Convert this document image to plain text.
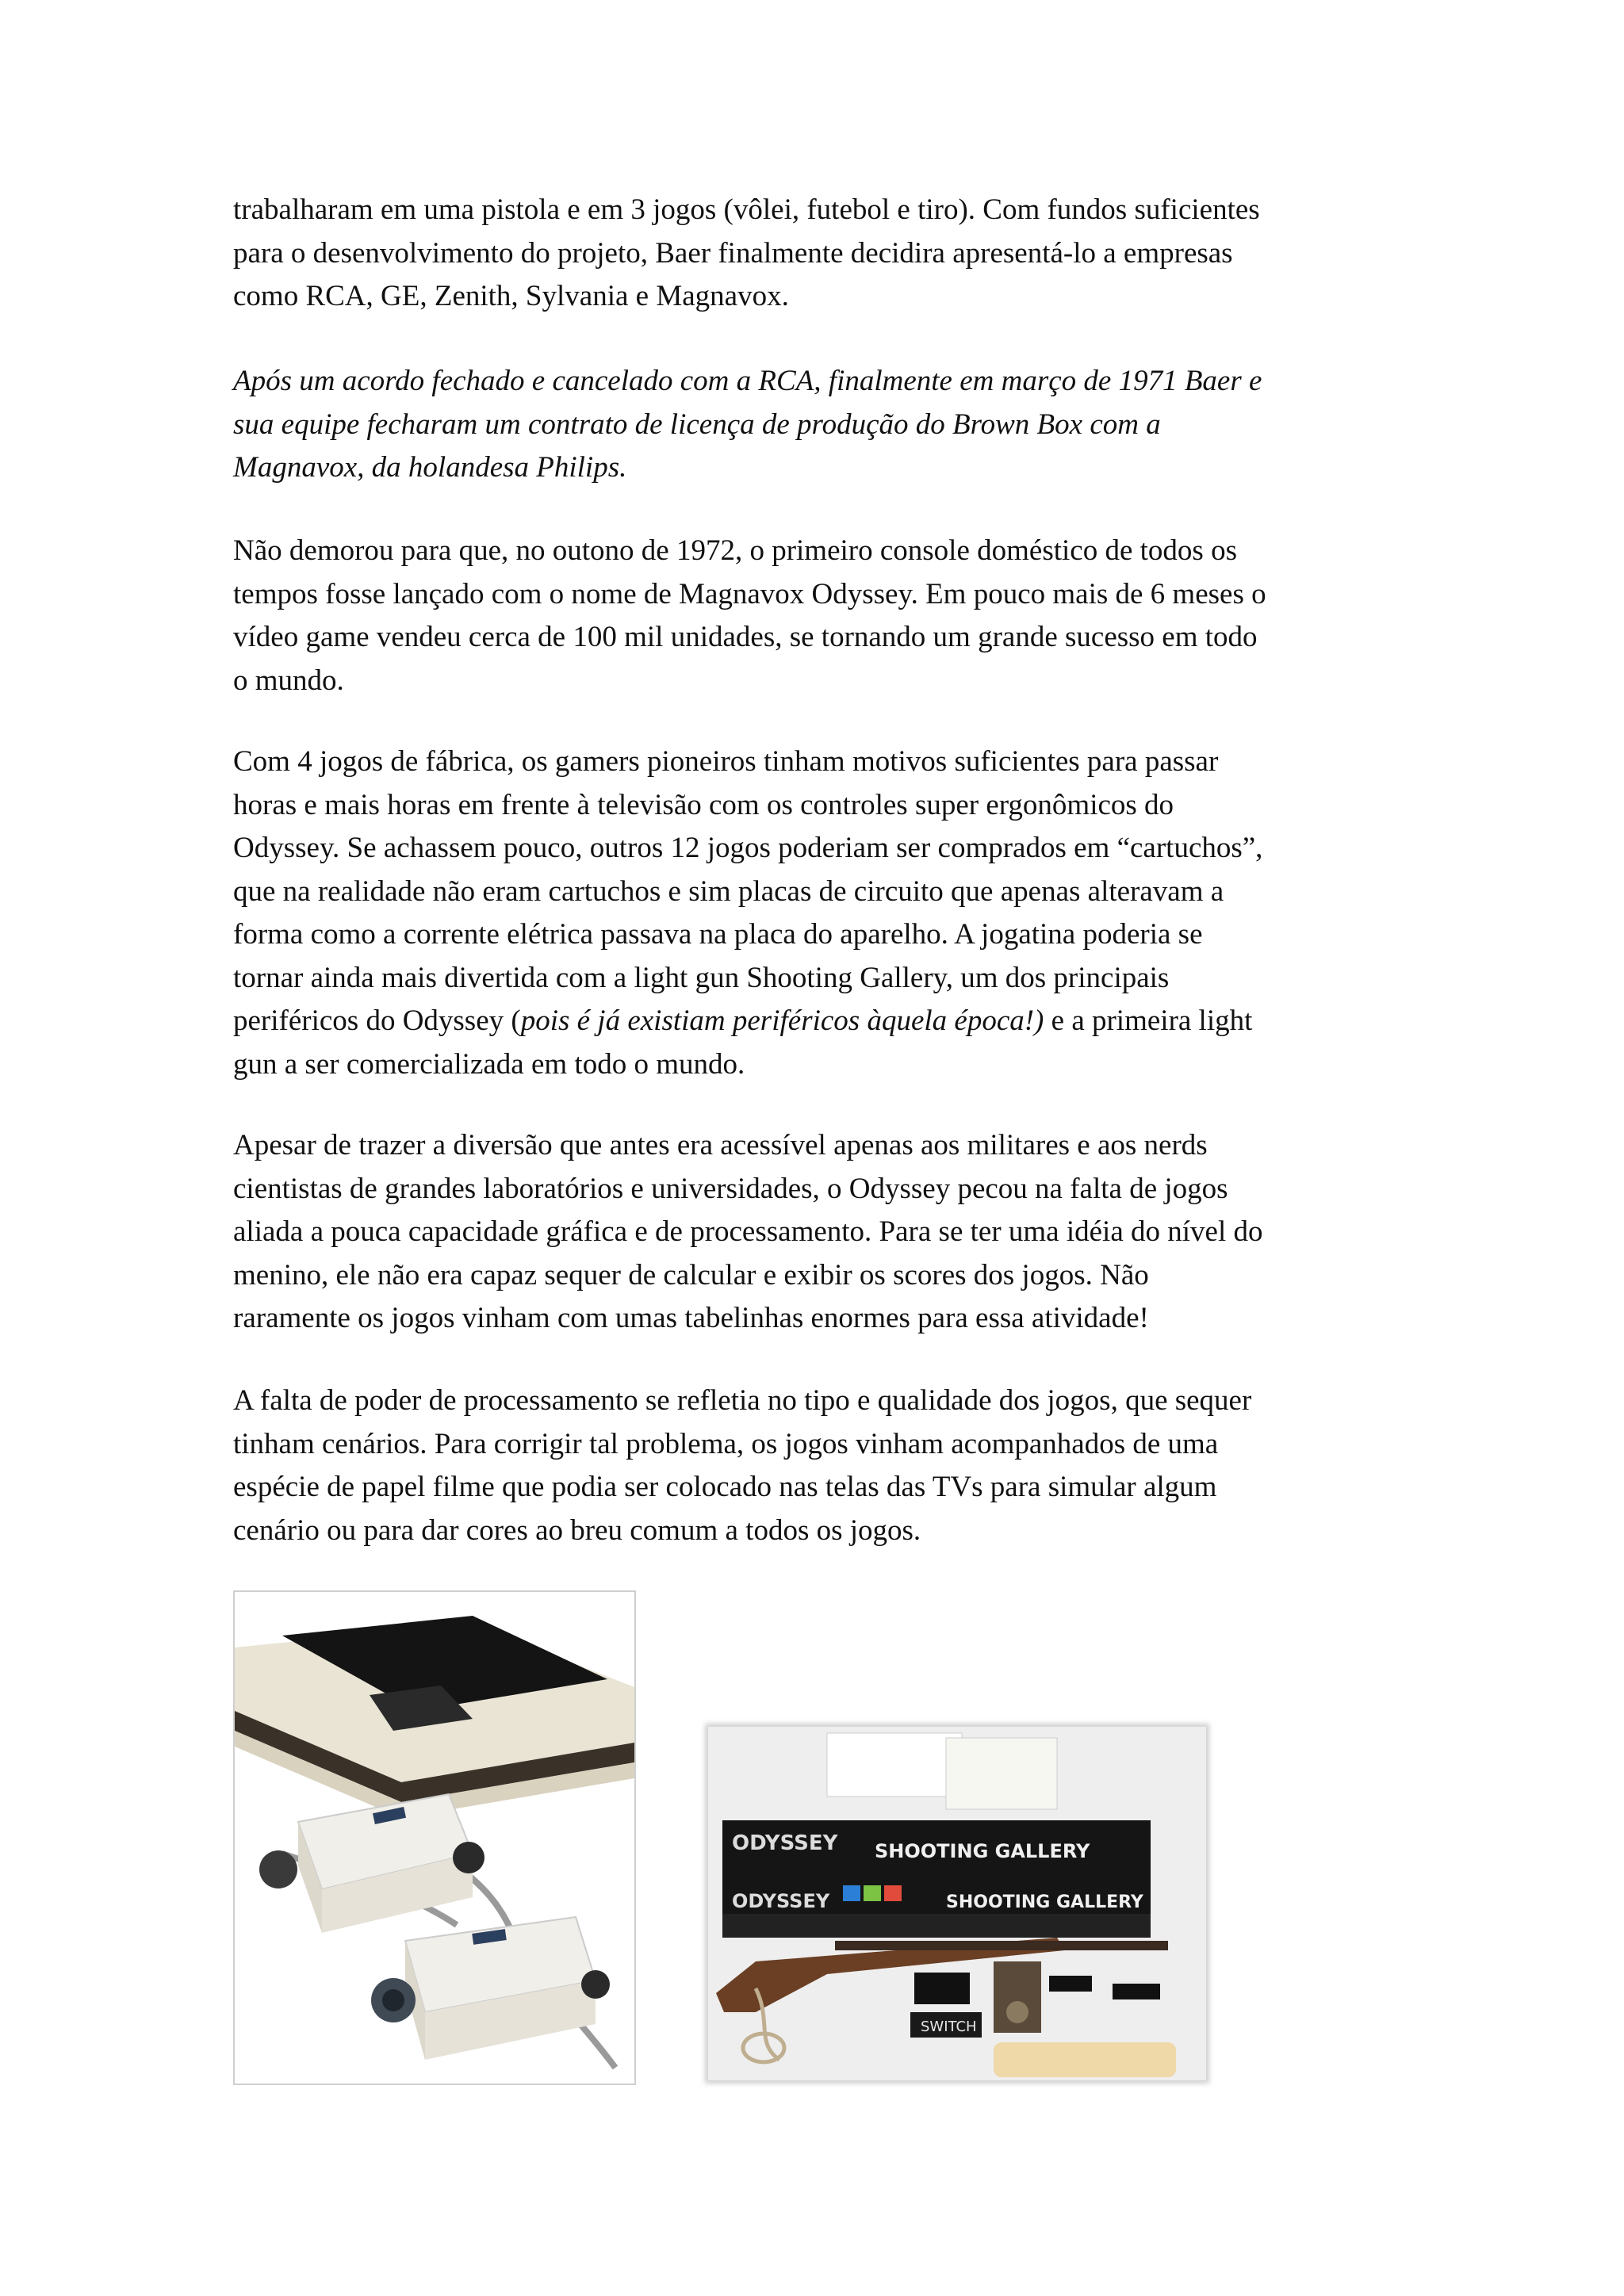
trabalharam em uma pistola e em 3 jogos (vôlei, futebol e tiro). Com fundos suficientes
para o desenvolvimento do projeto, Baer finalmente decidira apresentá-lo a empresas
como RCA, GE, Zenith, Sylvania e Magnavox.

Após um acordo fechado e cancelado com a RCA, finalmente em março de 1971 Baer e
sua equipe fecharam um contrato de licença de produção do Brown Box com a
Magnavox, da holandesa Philips.

Não demorou para que, no outono de 1972, o primeiro console doméstico de todos os
tempos fosse lançado com o nome de Magnavox Odyssey. Em pouco mais de 6 meses o
vídeo game vendeu cerca de 100 mil unidades, se tornando um grande sucesso em todo
o mundo.

Com 4 jogos de fábrica, os gamers pioneiros tinham motivos suficientes para passar
horas e mais horas em frente à televisão com os controles super ergonômicos do
Odyssey. Se achassem pouco, outros 12 jogos poderiam ser comprados em “cartuchos”,
que na realidade não eram cartuchos e sim placas de circuito que apenas alteravam a
forma como a corrente elétrica passava na placa do aparelho. A jogatina poderia se
tornar ainda mais divertida com a light gun Shooting Gallery, um dos principais
periféricos do Odyssey (pois é já existiam periféricos àquela época!) e a primeira light
gun a ser comercializada em todo o mundo.

Apesar de trazer a diversão que antes era acessível apenas aos militares e aos nerds
cientistas de grandes laboratórios e universidades, o Odyssey pecou na falta de jogos
aliada a pouca capacidade gráfica e de processamento. Para se ter uma idéia do nível do
menino, ele não era capaz sequer de calcular e exibir os scores dos jogos. Não
raramente os jogos vinham com umas tabelinhas enormes para essa atividade!

A falta de poder de processamento se refletia no tipo e qualidade dos jogos, que sequer
tinham cenários. Para corrigir tal problema, os jogos vinham acompanhados de uma
espécie de papel filme que podia ser colocado nas telas das TVs para simular algum
cenário ou para dar cores ao breu comum a todos os jogos.

ODYSSEY SHOOTING GALLERY
ODYSSEY	SHOOTING GALLERY
SWITCH
